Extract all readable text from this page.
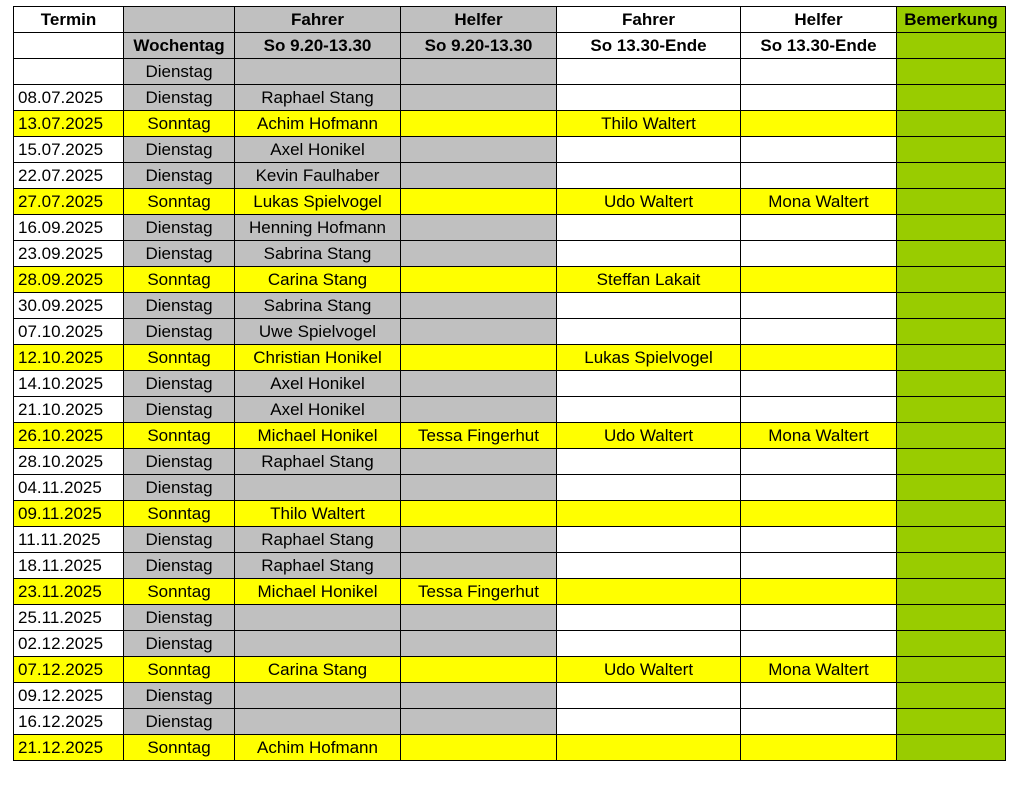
Termin		Fahrer	Helfer	Fahrer	Helfer	Bemerkung
	Wochentag	So 9.20-13.30	So 9.20-13.30	So 13.30-Ende	So 13.30-Ende	
	Dienstag					
08.07.2025	Dienstag	Raphael Stang				
13.07.2025	Sonntag	Achim Hofmann		Thilo Waltert		
15.07.2025	Dienstag	Axel Honikel				
22.07.2025	Dienstag	Kevin Faulhaber				
27.07.2025	Sonntag	Lukas Spielvogel		Udo Waltert	Mona Waltert	
16.09.2025	Dienstag	Henning Hofmann				
23.09.2025	Dienstag	Sabrina Stang				
28.09.2025	Sonntag	Carina Stang		Steffan Lakait		
30.09.2025	Dienstag	Sabrina Stang				
07.10.2025	Dienstag	Uwe Spielvogel				
12.10.2025	Sonntag	Christian Honikel		Lukas Spielvogel		
14.10.2025	Dienstag	Axel Honikel				
21.10.2025	Dienstag	Axel Honikel				
26.10.2025	Sonntag	Michael Honikel	Tessa Fingerhut	Udo Waltert	Mona Waltert	
28.10.2025	Dienstag	Raphael Stang				
04.11.2025	Dienstag					
09.11.2025	Sonntag	Thilo Waltert				
11.11.2025	Dienstag	Raphael Stang				
18.11.2025	Dienstag	Raphael Stang				
23.11.2025	Sonntag	Michael Honikel	Tessa Fingerhut			
25.11.2025	Dienstag					
02.12.2025	Dienstag					
07.12.2025	Sonntag	Carina Stang		Udo Waltert	Mona Waltert	
09.12.2025	Dienstag					
16.12.2025	Dienstag					
21.12.2025	Sonntag	Achim Hofmann				
